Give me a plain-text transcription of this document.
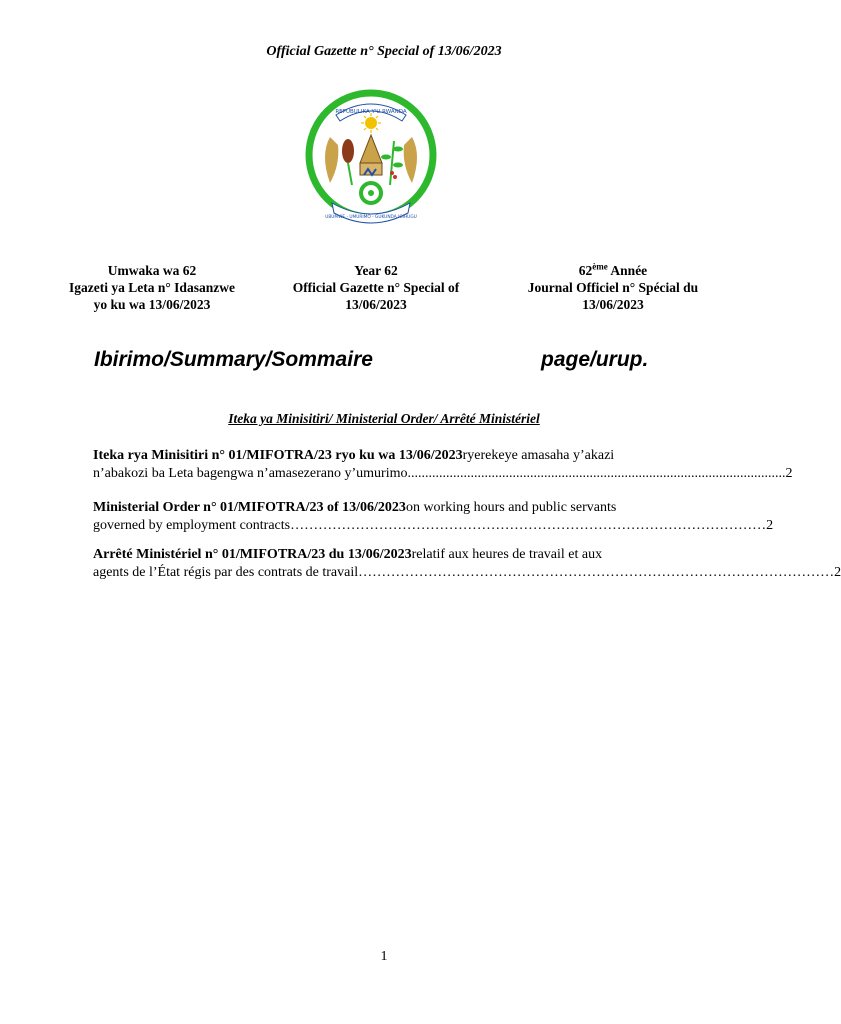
Official Gazette n° Special of 13/06/2023
REPUBULIKA Y'U RWANDA
UBUMWE - UMURIMO - GUKUNDA IGIHUGU
Umwaka wa 62
Igazeti ya Leta n° Idasanzwe
yo ku wa 13/06/2023
Year 62
Official Gazette n° Special of
13/06/2023
62ème Année
Journal Officiel n° Spécial du
13/06/2023
Ibirimo/Summary/Sommaire	page/urup.
Iteka ya Minisitiri/ Ministerial Order/ Arrêté Ministériel
Iteka rya Minisitiri n° 01/MIFOTRA/23 ryo ku wa 13/06/2023 ryerekeye amasaha y’akazi
n’abakozi ba Leta bagengwa n’amasezerano y’umurimo ............................................................................................................ 2
Ministerial Order n° 01/MIFOTRA/23 of 13/06/2023 on working hours and public servants
governed by employment contracts ………………………………………………………………………………………… 2
Arrêté Ministériel n° 01/MIFOTRA/23 du 13/06/2023 relatif aux heures de travail et aux
agents de l’État régis par des contrats de travail ………………………………………………………………………………………… 2
1
